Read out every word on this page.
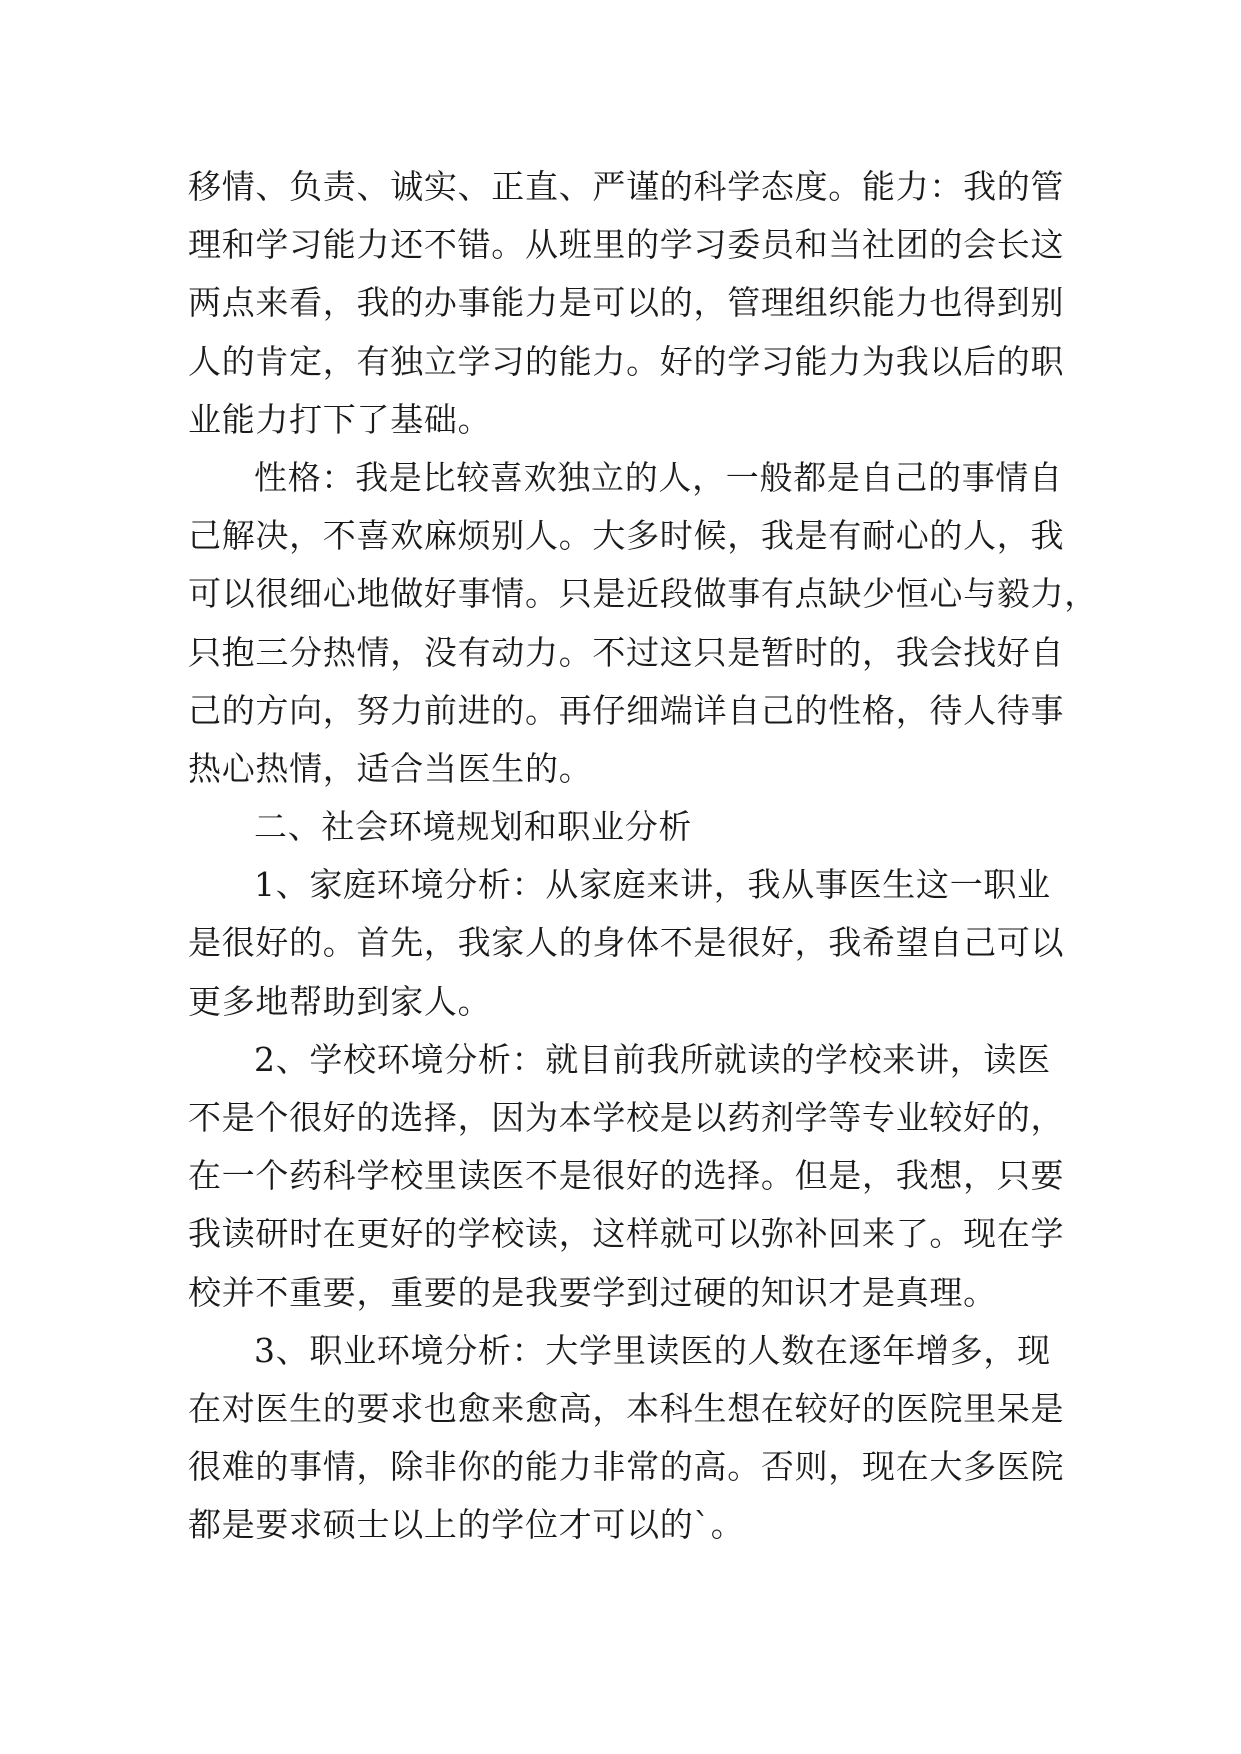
移情、负责、诚实、正直、严谨的科学态度。能力：我的管
理和学习能力还不错。从班里的学习委员和当社团的会长这
两点来看，我的办事能力是可以的，管理组织能力也得到别
人的肯定，有独立学习的能力。好的学习能力为我以后的职
业能力打下了基础。
性格：我是比较喜欢独立的人，一般都是自己的事情自
己解决，不喜欢麻烦别人。大多时候，我是有耐心的人，我
可以很细心地做好事情。只是近段做事有点缺少恒心与毅力，
只抱三分热情，没有动力。不过这只是暂时的，我会找好自
己的方向，努力前进的。再仔细端详自己的性格，待人待事
热心热情，适合当医生的。
二、社会环境规划和职业分析
1、家庭环境分析：从家庭来讲，我从事医生这一职业
是很好的。首先，我家人的身体不是很好，我希望自己可以
更多地帮助到家人。
2、学校环境分析：就目前我所就读的学校来讲，读医
不是个很好的选择，因为本学校是以药剂学等专业较好的，
在一个药科学校里读医不是很好的选择。但是，我想，只要
我读研时在更好的学校读，这样就可以弥补回来了。现在学
校并不重要，重要的是我要学到过硬的知识才是真理。
3、职业环境分析：大学里读医的人数在逐年增多，现
在对医生的要求也愈来愈高，本科生想在较好的医院里呆是
很难的事情，除非你的能力非常的高。否则，现在大多医院
都是要求硕士以上的学位才可以的`。
